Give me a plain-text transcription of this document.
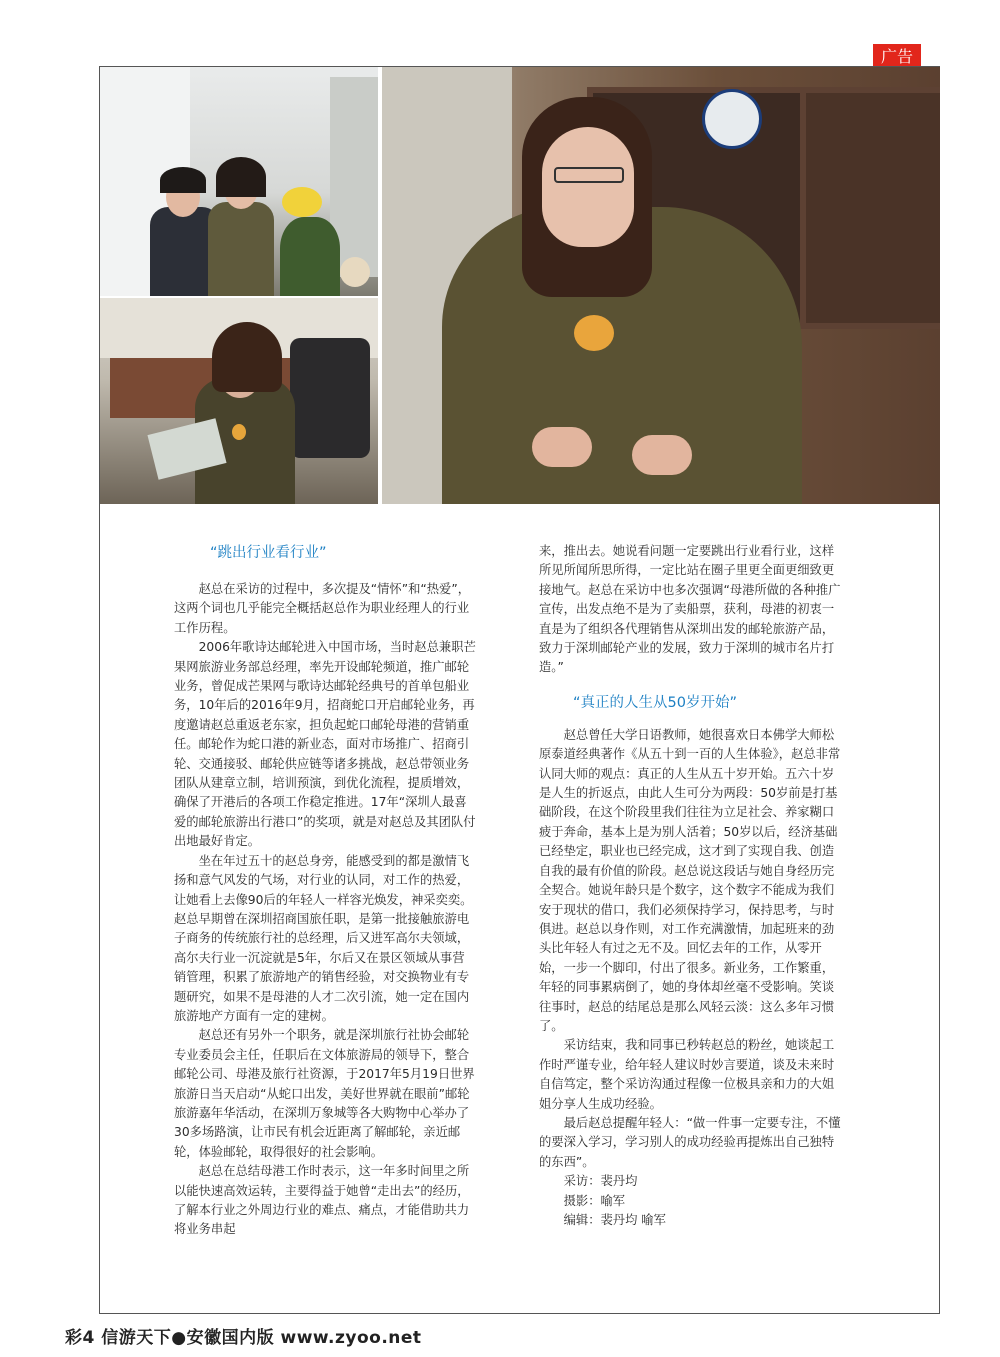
广告
“跳出行业看行业”

赵总在采访的过程中，多次提及“情怀”和“热爱”，这两个词也几乎能完全概括赵总作为职业经理人的行业工作历程。

2006年歌诗达邮轮进入中国市场，当时赵总兼职芒果网旅游业务部总经理，率先开设邮轮频道，推广邮轮业务，曾促成芒果网与歌诗达邮轮经典号的首单包船业务，10年后的2016年9月，招商蛇口开启邮轮业务，再度邀请赵总重返老东家，担负起蛇口邮轮母港的营销重任。邮轮作为蛇口港的新业态，面对市场推广、招商引轮、交通接驳、邮轮供应链等诸多挑战，赵总带领业务团队从建章立制，培训预演，到优化流程，提质增效，确保了开港后的各项工作稳定推进。17年“深圳人最喜爱的邮轮旅游出行港口”的奖项，就是对赵总及其团队付出地最好肯定。

坐在年过五十的赵总身旁，能感受到的都是激情飞扬和意气风发的气场，对行业的认同，对工作的热爱，让她看上去像90后的年轻人一样容光焕发，神采奕奕。赵总早期曾在深圳招商国旅任职，是第一批接触旅游电子商务的传统旅行社的总经理，后又进军高尔夫领域，高尔夫行业一沉淀就是5年，尔后又在景区领域从事营销管理，积累了旅游地产的销售经验，对交换物业有专题研究，如果不是母港的人才二次引流，她一定在国内旅游地产方面有一定的建树。

赵总还有另外一个职务，就是深圳旅行社协会邮轮专业委员会主任，任职后在文体旅游局的领导下，整合邮轮公司、母港及旅行社资源，于2017年5月19日世界旅游日当天启动“从蛇口出发，美好世界就在眼前”邮轮旅游嘉年华活动，在深圳万象城等各大购物中心举办了30多场路演，让市民有机会近距离了解邮轮，亲近邮轮，体验邮轮，取得很好的社会影响。

赵总在总结母港工作时表示，这一年多时间里之所以能快速高效运转，主要得益于她曾“走出去”的经历，了解本行业之外周边行业的难点、痛点，才能借助共力将业务串起

来，推出去。她说看问题一定要跳出行业看行业，这样所见所闻所思所得，一定比站在圈子里更全面更细致更接地气。赵总在采访中也多次强调“母港所做的各种推广宣传，出发点绝不是为了卖船票，获利，母港的初衷一直是为了组织各代理销售从深圳出发的邮轮旅游产品，致力于深圳邮轮产业的发展，致力于深圳的城市名片打造。”

“真正的人生从50岁开始”

赵总曾任大学日语教师，她很喜欢日本佛学大师松原泰道经典著作《从五十到一百的人生体验》，赵总非常认同大师的观点：真正的人生从五十岁开始。五六十岁是人生的折返点，由此人生可分为两段：50岁前是打基础阶段，在这个阶段里我们往往为立足社会、养家糊口疲于奔命，基本上是为别人活着；50岁以后，经济基础已经垫定，职业也已经完成，这才到了实现自我、创造自我的最有价值的阶段。赵总说这段话与她自身经历完全契合。她说年龄只是个数字，这个数字不能成为我们安于现状的借口，我们必须保持学习，保持思考，与时俱进。赵总以身作则，对工作充满激情，加起班来的劲头比年轻人有过之无不及。回忆去年的工作，从零开始，一步一个脚印，付出了很多。新业务，工作繁重，年轻的同事累病倒了，她的身体却丝毫不受影响。笑谈往事时，赵总的结尾总是那么风轻云淡：这么多年习惯了。

采访结束，我和同事已秒转赵总的粉丝，她谈起工作时严谨专业，给年轻人建议时妙言要道，谈及未来时自信笃定，整个采访沟通过程像一位极具亲和力的大姐姐分享人生成功经验。

最后赵总提醒年轻人：“做一件事一定要专注，不懂的要深入学习，学习别人的成功经验再提炼出自己独特的东西”。

采访：裴丹均

摄影：喻军

编辑：裴丹均 喻军

彩4 信游天下●安徽国内版 www.zyoo.net
